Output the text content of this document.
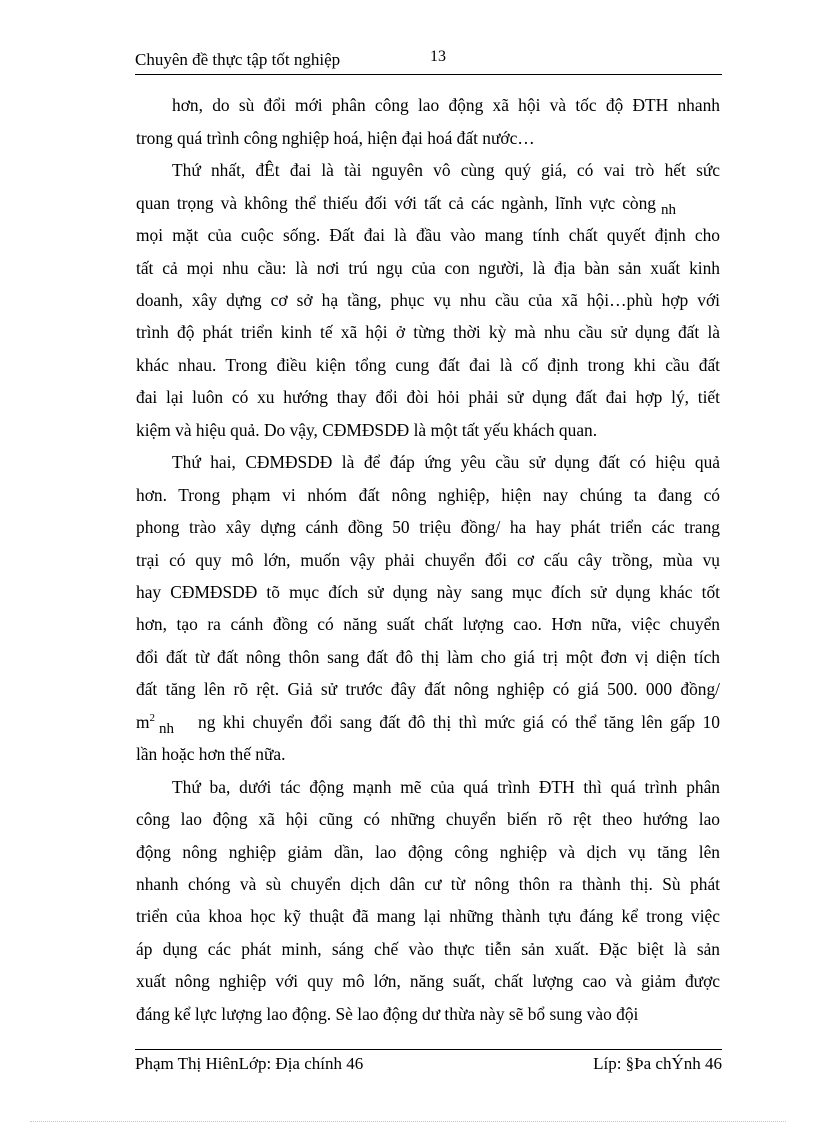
Chuyên đề thực tập tốt nghiệp	13
hơn, do sù đổi mới phân công lao động xã hội và tốc độ ĐTH nhanh
trong quá trình công nghiệp hoá, hiện đại hoá đất nước…
Thứ nhất, đÊt đai là tài nguyên vô cùng quý giá, có vai trò hết sức
quan trọng và không thể thiếu đối với tất cả các ngành, lĩnh vực còng nh
mọi mặt của cuộc sống. Đất đai là đầu vào mang tính chất quyết định cho
tất cả mọi nhu cầu: là nơi trú ngụ của con người, là địa bàn sản xuất kinh
doanh, xây dựng cơ sở hạ tầng, phục vụ nhu cầu của xã hội…phù hợp với
trình độ phát triển kinh tế xã hội ở từng thời kỳ mà nhu cầu sử dụng đất là
khác nhau. Trong điều kiện tổng cung đất đai là cố định trong khi cầu đất
đai lại luôn có xu hướng thay đổi đòi hỏi phải sử dụng đất đai hợp lý, tiết
kiệm và hiệu quả. Do vậy, CĐMĐSDĐ là một tất yếu khách quan.
Thứ hai, CĐMĐSDĐ là để đáp ứng yêu cầu sử dụng đất có hiệu quả
hơn. Trong phạm vi nhóm đất nông nghiệp, hiện nay chúng ta đang có
phong trào xây dựng cánh đồng 50 triệu đồng/ ha hay phát triển các trang
trại có quy mô lớn, muốn vậy phải chuyển đổi cơ cấu cây trồng, mùa vụ
hay CĐMĐSDĐ tõ mục đích sử dụng này sang mục đích sử dụng khác tốt
hơn, tạo ra cánh đồng có năng suất chất lượng cao. Hơn nữa, việc chuyển
đổi đất từ đất nông thôn sang đất đô thị làm cho giá trị một đơn vị diện tích
đất tăng lên rõ rệt. Giả sử trước đây đất nông nghiệp có giá 500. 000 đồng/
$m^2nh$ ng khi chuyển đổi sang đất đô thị thì mức giá có thể tăng lên gấp 10
lần hoặc hơn thế nữa.
Thứ ba, dưới tác động mạnh mẽ của quá trình ĐTH thì quá trình phân
công lao động xã hội cũng có những chuyển biến rõ rệt theo hướng lao
động nông nghiệp giảm dần, lao động công nghiệp và dịch vụ tăng lên
nhanh chóng và sù chuyển dịch dân cư từ nông thôn ra thành thị. Sù phát
triển của khoa học kỹ thuật đã mang lại những thành tựu đáng kể trong việc
áp dụng các phát minh, sáng chế vào thực tiễn sản xuất. Đặc biệt là sản
xuất nông nghiệp với quy mô lớn, năng suất, chất lượng cao và giảm được
đáng kể lực lượng lao động. Sè lao động dư thừa này sẽ bổ sung vào đội
Phạm Thị HiênLớp: Địa chính 46	Líp: §Þa chÝnh 46
